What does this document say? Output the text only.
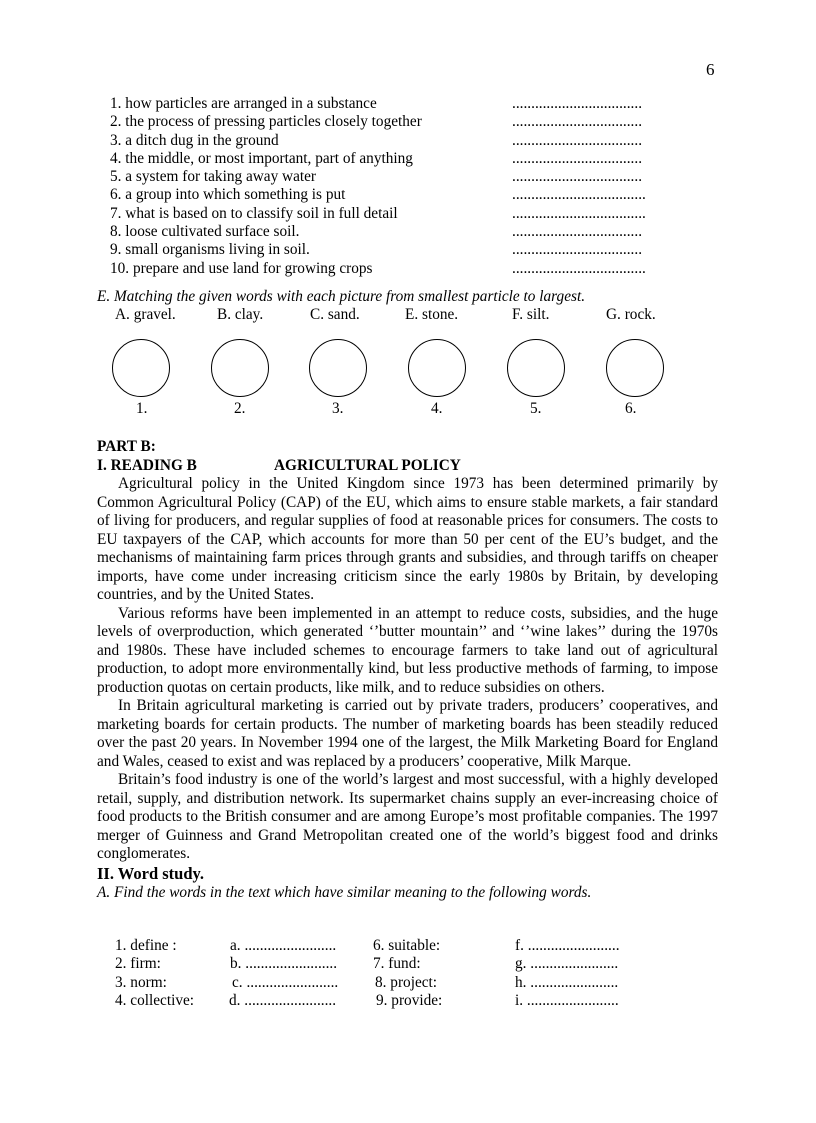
6
1. how particles are arranged in a substance	..................................
2. the process of pressing particles closely together	..................................
3. a ditch dug in the ground	..................................
4. the middle, or most important, part of anything	..................................
5. a system for taking away water	..................................
6. a group into which something is put	...................................
7. what is based on to classify soil in full detail	...................................
8. loose cultivated surface soil.	..................................
9. small organisms living in soil.	..................................
10. prepare and use land for growing crops	...................................
E. Matching the given words with each picture from smallest particle to largest.
A. gravel.	B. clay.	C. sand.	E. stone.	F. silt.	G. rock.
1.	2.	3.	4.	5.	6.
PART B:
I. READING B	AGRICULTURAL POLICY

Agricultural policy in the United Kingdom since 1973 has been determined primarily by Common Agricultural Policy (CAP) of the EU, which aims to ensure stable markets, a fair standard of living for producers, and regular supplies of food at reasonable prices for consumers. The costs to EU taxpayers of the CAP, which accounts for more than 50 per cent of the EU’s budget, and the mechanisms of maintaining farm prices through grants and subsidies, and through tariffs on cheaper imports, have come under increasing criticism since the early 1980s by Britain, by developing countries, and by the United States.

Various reforms have been implemented in an attempt to reduce costs, subsidies, and the huge levels of overproduction, which generated ‘’butter mountain’’ and ‘’wine lakes’’ during the 1970s and 1980s. These have included schemes to encourage farmers to take land out of agricultural production, to adopt more environmentally kind, but less productive methods of farming, to impose production quotas on certain products, like milk, and to reduce subsidies on others.

In Britain agricultural marketing is carried out by private traders, producers’ cooperatives, and marketing boards for certain products. The number of marketing boards has been steadily reduced over the past 20 years. In November 1994 one of the largest, the Milk Marketing Board for England and Wales, ceased to exist and was replaced by a producers’ cooperative, Milk Marque.

Britain’s food industry is one of the world’s largest and most successful, with a highly developed retail, supply, and distribution network. Its supermarket chains supply an ever-increasing choice of food products to the British consumer and are among Europe’s most profitable companies. The 1997 merger of Guinness and Grand Metropolitan created one of the world’s biggest food and drinks conglomerates.

II. Word study.
A. Find the words in the text which have similar meaning to the following words.
1. define :	a. ........................ 6. suitable:	f. ........................
2. firm:	b. ........................ 7. fund:	g. .......................
3. norm:	c. ........................ 8. project:	h. .......................
4. collective: d. ........................	9. provide:	i. ........................
